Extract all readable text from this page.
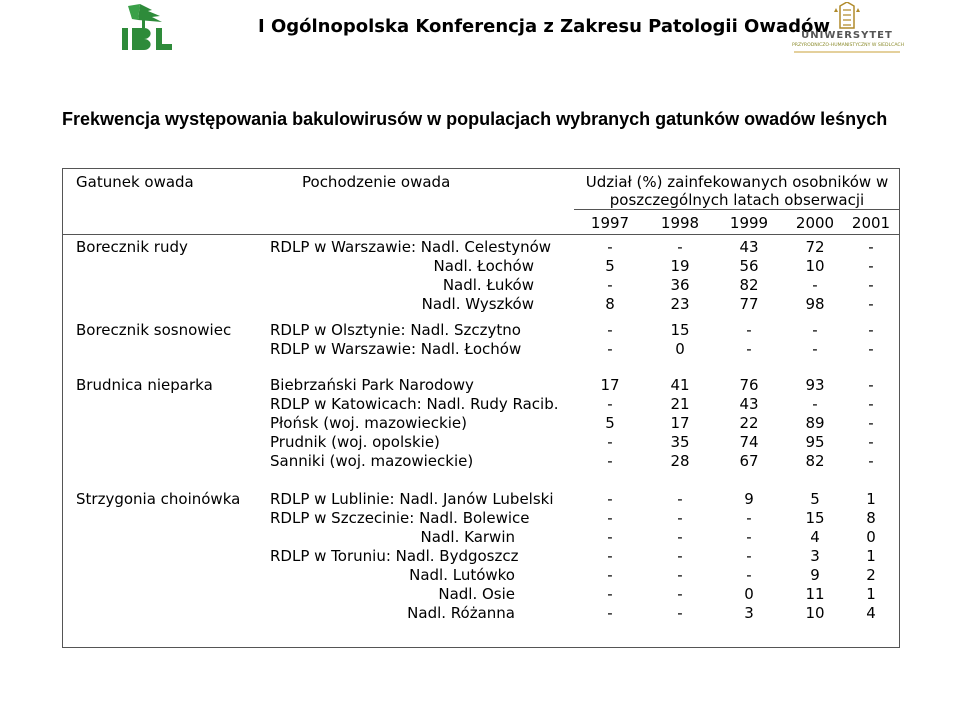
I Ogólnopolska Konferencja z Zakresu Patologii Owadów
UNIWERSYTET
PRZYRODNICZO-HUMANISTYCZNY W SIEDLCACH
Frekwencja występowania bakulowirusów w populacjach wybranych gatunków owadów leśnych
Gatunek owada	Pochodzenie owada	Udział (%) zainfekowanych osobników w
poszczególnych latach obserwacji
1997	1998	1999	2000	2001
Borecznik rudy	RDLP w Warszawie: Nadl. Celestynów	-	-	43	72	-
Nadl. Łochów	5	19	56	10	-
Nadl. Łuków	-	36	82	-	-
Nadl. Wyszków	8	23	77	98	-
Borecznik sosnowiec	RDLP w Olsztynie: Nadl. Szczytno	-	15	-	-	-
RDLP w Warszawie: Nadl. Łochów	-	0	-	-	-
Brudnica nieparka	Biebrzański Park Narodowy	17	41	76	93	-
RDLP w Katowicach: Nadl. Rudy Racib.	-	21	43	-	-
Płońsk (woj. mazowieckie)	5	17	22	89	-
Prudnik (woj. opolskie)	-	35	74	95	-
Sanniki (woj. mazowieckie)	-	28	67	82	-
Strzygonia choinówka RDLP w Lublinie: Nadl. Janów Lubelski	-	-	9	5	1
RDLP w Szczecinie: Nadl. Bolewice	-	-	-	15	8
Nadl. Karwin	-	-	-	4	0
RDLP w Toruniu: Nadl. Bydgoszcz	-	-	-	3	1
Nadl. Lutówko	-	-	-	9	2
Nadl. Osie	-	-	0	11	1
Nadl. Różanna	-	-	3	10	4
